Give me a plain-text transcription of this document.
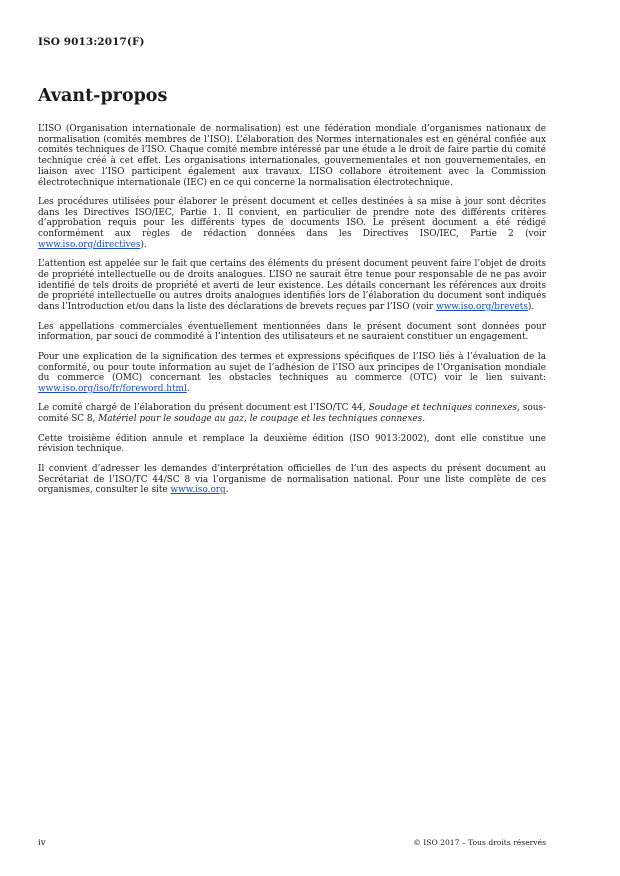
ISO 9013:2017(F)
Avant-propos

L’ISO (Organisation internationale de normalisation) est une fédération mondiale d’organismes nationaux de normalisation (comités membres de l’ISO). L’élaboration des Normes internationales est en général confiée aux comités techniques de l’ISO. Chaque comité membre intéressé par une étude a le droit de faire partie du comité technique créé à cet effet. Les organisations internationales, gouvernementales et non gouvernementales, en liaison avec l’ISO participent également aux travaux. L’ISO collabore étroitement avec la Commission électrotechnique internationale (IEC) en ce qui concerne la normalisation électrotechnique.

Les procédures utilisées pour élaborer le présent document et celles destinées à sa mise à jour sont décrites dans les Directives ISO/IEC, Partie 1. Il convient, en particulier de prendre note des différents critères d’approbation requis pour les différents types de documents ISO. Le présent document a été rédigé conformément aux règles de rédaction données dans les Directives ISO/IEC, Partie 2 (voir www.iso.org/directives).

L’attention est appelée sur le fait que certains des éléments du présent document peuvent faire l’objet de droits de propriété intellectuelle ou de droits analogues. L’ISO ne saurait être tenue pour responsable de ne pas avoir identifié de tels droits de propriété et averti de leur existence. Les détails concernant les références aux droits de propriété intellectuelle ou autres droits analogues identifiés lors de l’élaboration du document sont indiqués dans l’Introduction et/ou dans la liste des déclarations de brevets reçues par l’ISO (voir www.iso.org/brevets).

Les appellations commerciales éventuellement mentionnées dans le présent document sont données pour information, par souci de commodité à l’intention des utilisateurs et ne sauraient constituer un engagement.

Pour une explication de la signification des termes et expressions spécifiques de l’ISO liés à l’évaluation de la conformité, ou pour toute information au sujet de l’adhésion de l’ISO aux principes de l’Organisation mondiale du commerce (OMC) concernant les obstacles techniques au commerce (OTC) voir le lien suivant: www.iso.org/iso/fr/foreword.html.

Le comité chargé de l’élaboration du présent document est l’ISO/TC 44, Soudage et techniques connexes, sous-comité SC 8, Matériel pour le soudage au gaz, le coupage et les techniques connexes.

Cette troisième édition annule et remplace la deuxième édition (ISO 9013:2002), dont elle constitue une révision technique.

Il convient d’adresser les demandes d’interprétation officielles de l’un des aspects du présent document au Secrétariat de l’ISO/TC 44/SC 8 via l’organisme de normalisation national. Pour une liste complète de ces organismes, consulter le site www.iso.org.

iv	© ISO 2017 – Tous droits réservés
